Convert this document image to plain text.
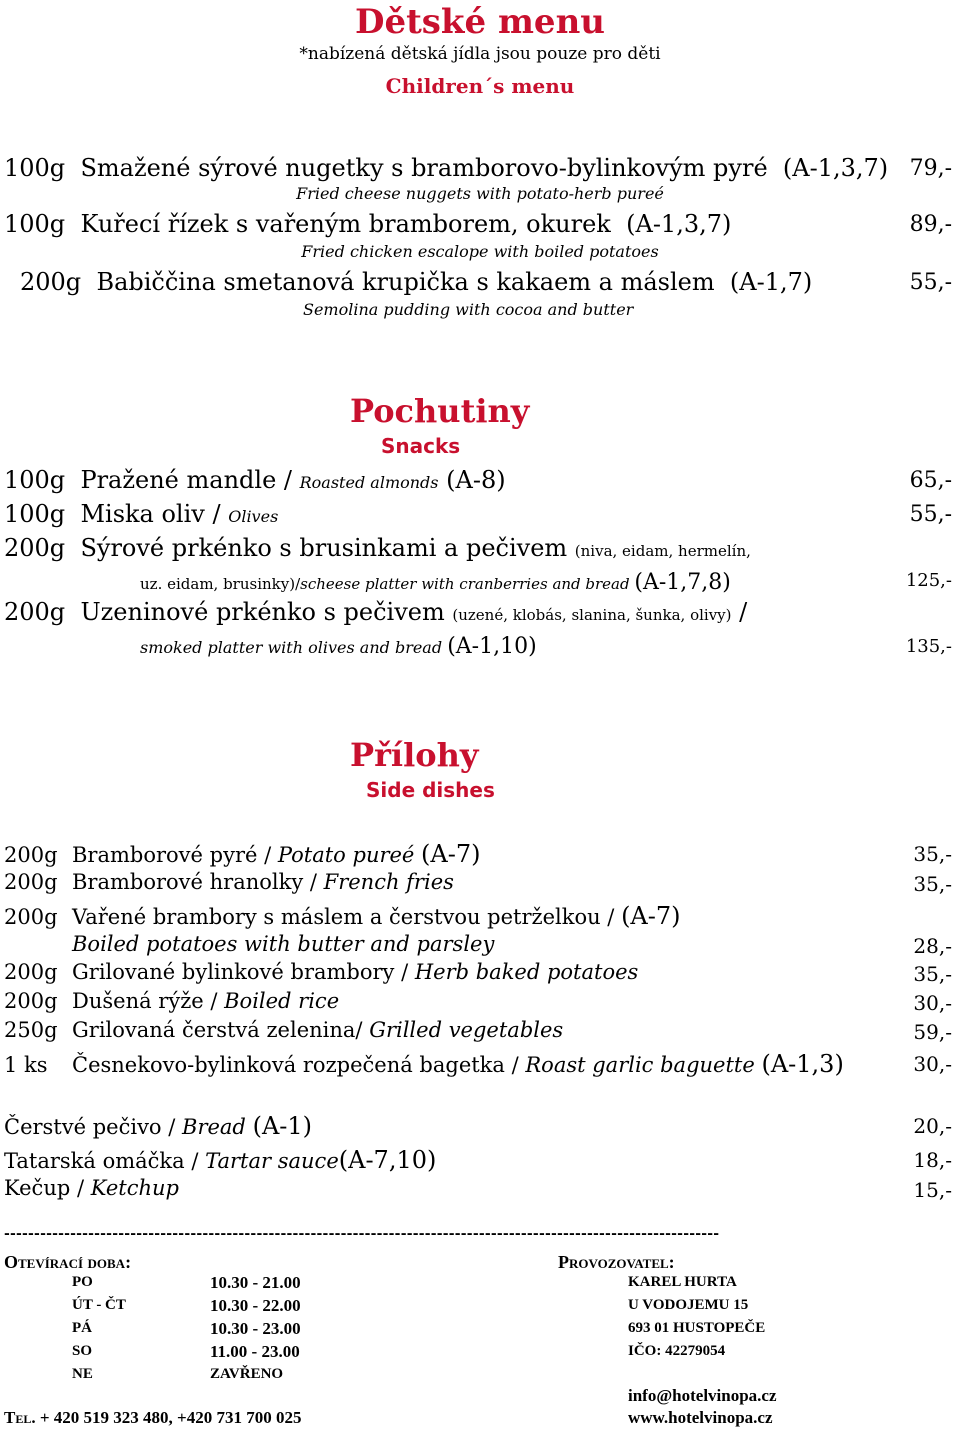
Dětské menu
*nabízená dětská jídla jsou pouze pro děti
Children´s menu
100g Smažené sýrové nugetky s bramborovo-bylinkovým pyré (A-1,3,7) 79,-
Fried cheese nuggets with potato-herb pureé
100g Kuřecí řízek s vařeným bramborem, okurek (A-1,3,7)	89,-
Fried chicken escalope with boiled potatoes
200g Babiččina smetanová krupička s kakaem a máslem (A-1,7)	55,-
Semolina pudding with cocoa and butter
Pochutiny
Snacks
100g Pražené mandle / Roasted almonds (A-8)	65,-
100g Miska oliv / Olives	55,-
200g Sýrové prkénko s brusinkami a pečivem (niva, eidam, hermelín,
uz. eidam, brusinky)/scheese platter with cranberries and bread (A-1,7,8)	125,-
200g Uzeninové prkénko s pečivem (uzené, klobás, slanina, šunka, olivy) /
smoked platter with olives and bread (A-1,10)	135,-
Přílohy
Side dishes
200g Bramborové pyré / Potato pureé (A-7)	35,-
200g Bramborové hranolky / French fries	35,-
200g Vařené brambory s máslem a čerstvou petrželkou / (A-7)
Boiled potatoes with butter and parsley	28,-
200g Grilované bylinkové brambory / Herb baked potatoes	35,-
200g Dušená rýže / Boiled rice	30,-
250g Grilovaná čerstvá zelenina/ Grilled vegetables	59,-
1 ks Česnekovo-bylinková rozpečená bagetka / Roast garlic baguette (A-1,3)	30,-
Čerstvé pečivo / Bread (A-1)	20,-
Tatarská omáčka / Tartar sauce(A-7,10)	18,-
Kečup / Ketchup	15,-
-----------------------------------------------------------------------------------------------------------------------
Otevírací doba:
PO	10.30 - 21.00
ÚT - ČT	10.30 - 22.00
PÁ	10.30 - 23.00
SO	11.00 - 23.00
NE	ZAVŘENO
Tel. + 420 519 323 480, +420 731 700 025
Provozovatel:
KAREL HURTA
U VODOJEMU 15
693 01 HUSTOPEČE
IČO: 42279054
info@hotelvinopa.cz
www.hotelvinopa.cz
